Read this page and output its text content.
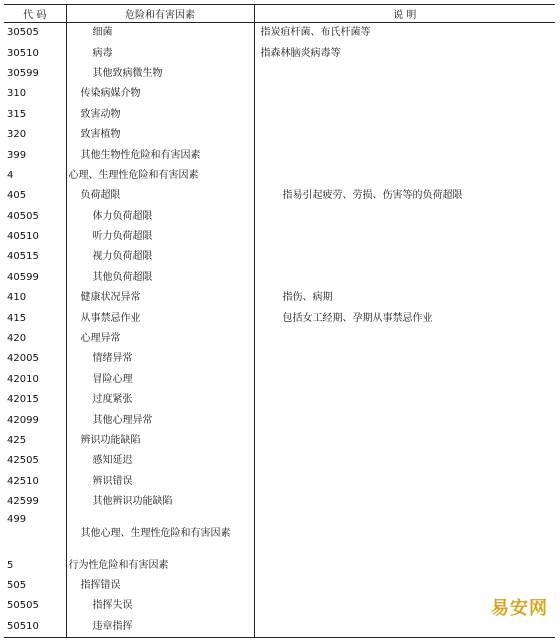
代 码	危险和有害因素	说 明
30505	细菌	指炭疽杆菌、布氏杆菌等
30510	病毒	指森林脑炎病毒等
30599	其他致病微生物	
310	传染病媒介物	
315	致害动物	
320	致害植物	
399	其他生物性危险和有害因素	
4	心理、生理性危险和有害因素	
405	负荷超限	指易引起疲劳、劳损、伤害等的负荷超限
40505	体力负荷超限	
40510	听力负荷超限	
40515	视力负荷超限	
40599	其他负荷超限	
410	健康状况异常	指伤、病期
415	从事禁忌作业	包括女工经期、孕期从事禁忌作业
420	心理异常	
42005	情绪异常	
42010	冒险心理	
42015	过度紧张	
42099	其他心理异常	
425	辨识功能缺陷	
42505	感知延迟	
42510	辨识错误	
42599	其他辨识功能缺陷	
499	其他心理、生理性危险和有害因素	
5	行为性危险和有害因素	
505	指挥错误	
50505	指挥失误	
50510	违章指挥	
易安网
